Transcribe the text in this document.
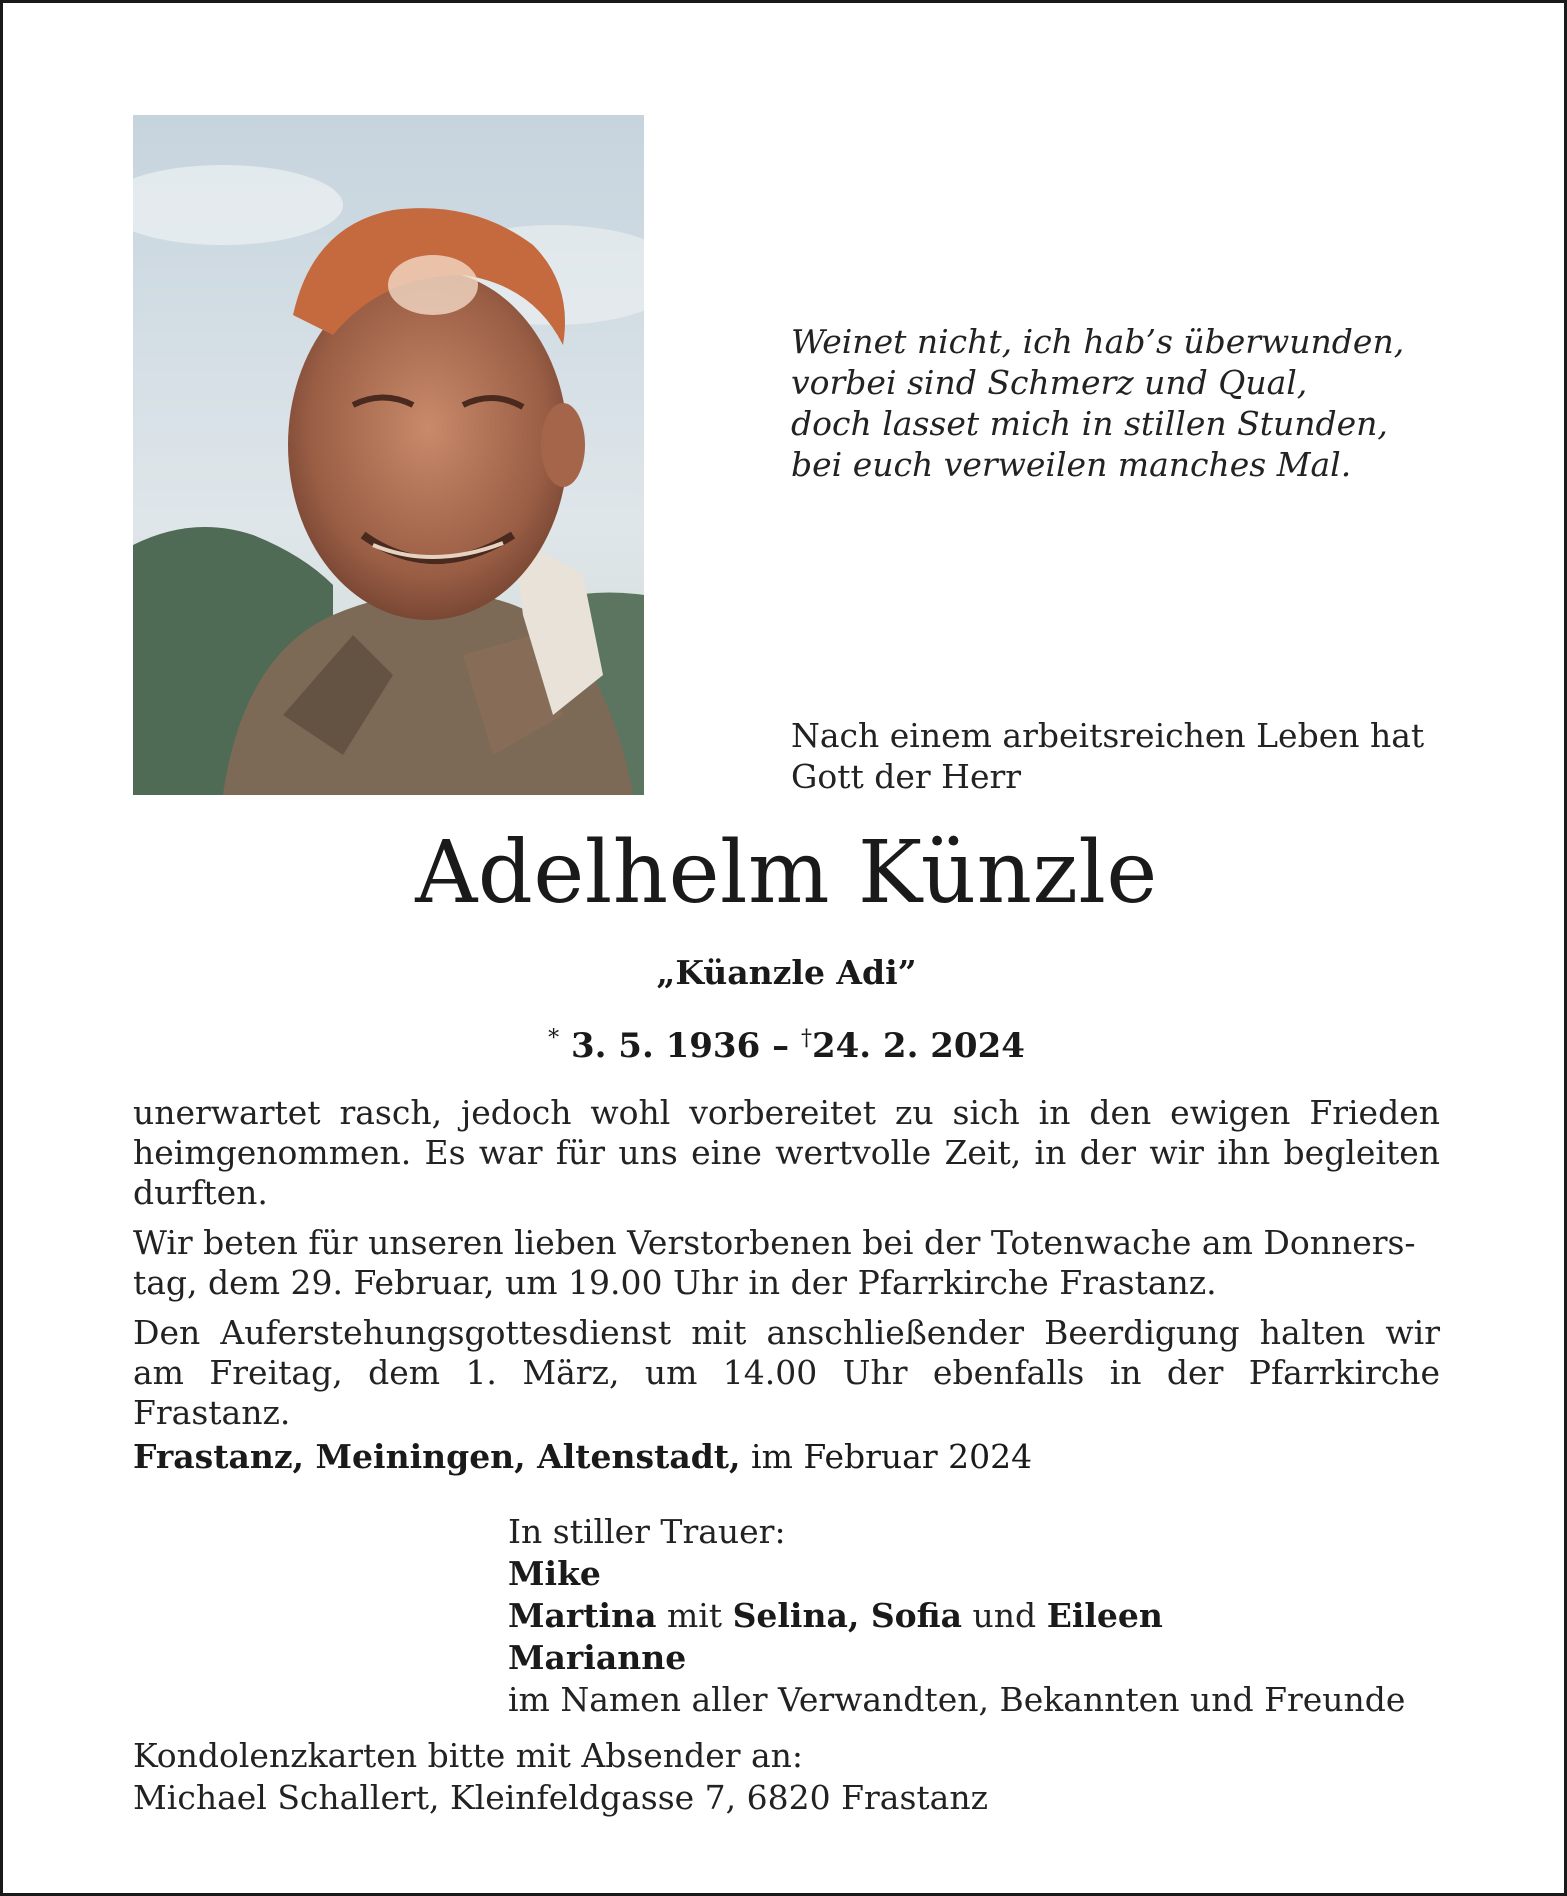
Weinet nicht, ich hab’s überwunden,
vorbei sind Schmerz und Qual,
doch lasset mich in stillen Stunden,
bei euch verweilen manches Mal.
Nach einem arbeitsreichen Leben hat Gott der Herr
Adelhelm Künzle
„Küanzle Adi”
* 3. 5. 1936 – †24. 2. 2024

unerwartet rasch, jedoch wohl vorbereitet zu sich in den ewigen Frieden heimgenommen. Es war für uns eine wertvolle Zeit, in der wir ihn begleiten durften.

Wir beten für unseren lieben Verstorbenen bei der Totenwache am Donners-
tag, dem 29. Februar, um 19.00 Uhr in der Pfarrkirche Frastanz.

Den Auferstehungsgottesdienst mit anschließender Beerdigung halten wir am Freitag, dem 1. März, um 14.00 Uhr ebenfalls in der Pfarrkirche Frastanz.

Frastanz, Meiningen, Altenstadt, im Februar 2024
In stiller Trauer:
Mike
Martina mit Selina, Sofia und Eileen
Marianne
im Namen aller Verwandten, Bekannten und Freunde
Kondolenzkarten bitte mit Absender an:
Michael Schallert, Kleinfeldgasse 7, 6820 Frastanz
